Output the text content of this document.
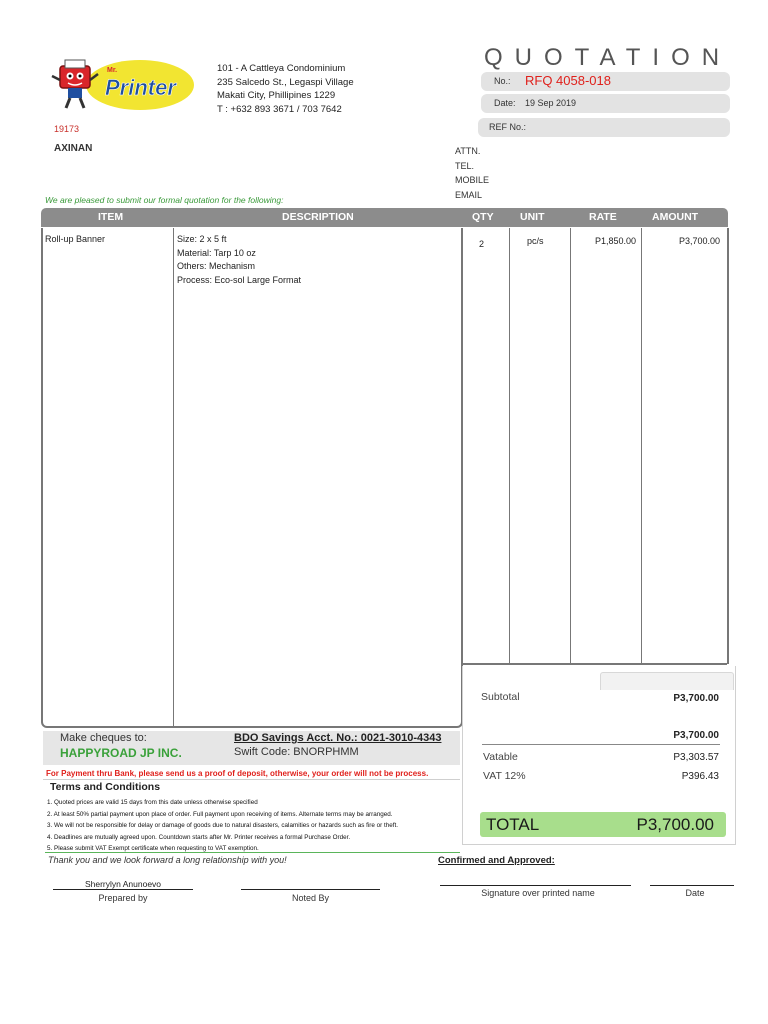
Mr.
Printer
101 - A Cattleya Condominium
235 Salcedo St., Legaspi Village
Makati City, Phillipines 1229
T : +632 893 3671 / 703 7642
QUOTATION
No.: RFQ 4058-018
Date: 19 Sep 2019
REF No.:
19173
AXINAN	ATTN.
TEL.
MOBILE
EMAIL
We are pleased to submit our formal quotation for the following:
ITEM	DESCRIPTION	QTY	UNIT	RATE	AMOUNT
Roll-up Banner	Size: 2 x 5 ft
Material: Tarp 10 oz
Others: Mechanism
Process: Eco-sol Large Format
2	pc/s	P1,850.00	P3,700.00
Subtotal	P3,700.00
P3,700.00
Vatable	P3,303.57
VAT 12%	P396.43
TOTAL	P3,700.00
Make cheques to:
HAPPYROAD JP INC.
BDO Savings Acct. No.: 0021-3010-4343
Swift Code: BNORPHMM
For Payment thru Bank, please send us a proof of deposit, otherwise, your order will not be process.
Terms and Conditions
1. Quoted prices are valid 15 days from this date unless otherwise specified
2. At least 50% partial payment upon place of order. Full payment upon receiving of items. Alternate terms may be arranged.
3. We will not be responsible for delay or damage of goods due to natural disasters, calamities or hazards such as fire or theft.
4. Deadlines are mutually agreed upon. Countdown starts after Mr. Printer receives a formal Purchase Order.
5. Please submit VAT Exempt certificate when requesting to VAT exemption.
Thank you and we look forward a long relationship with you!	Confirmed and Approved:
Sherrylyn Anunoevo
Prepared by	Noted By	Signature over printed name	Date
